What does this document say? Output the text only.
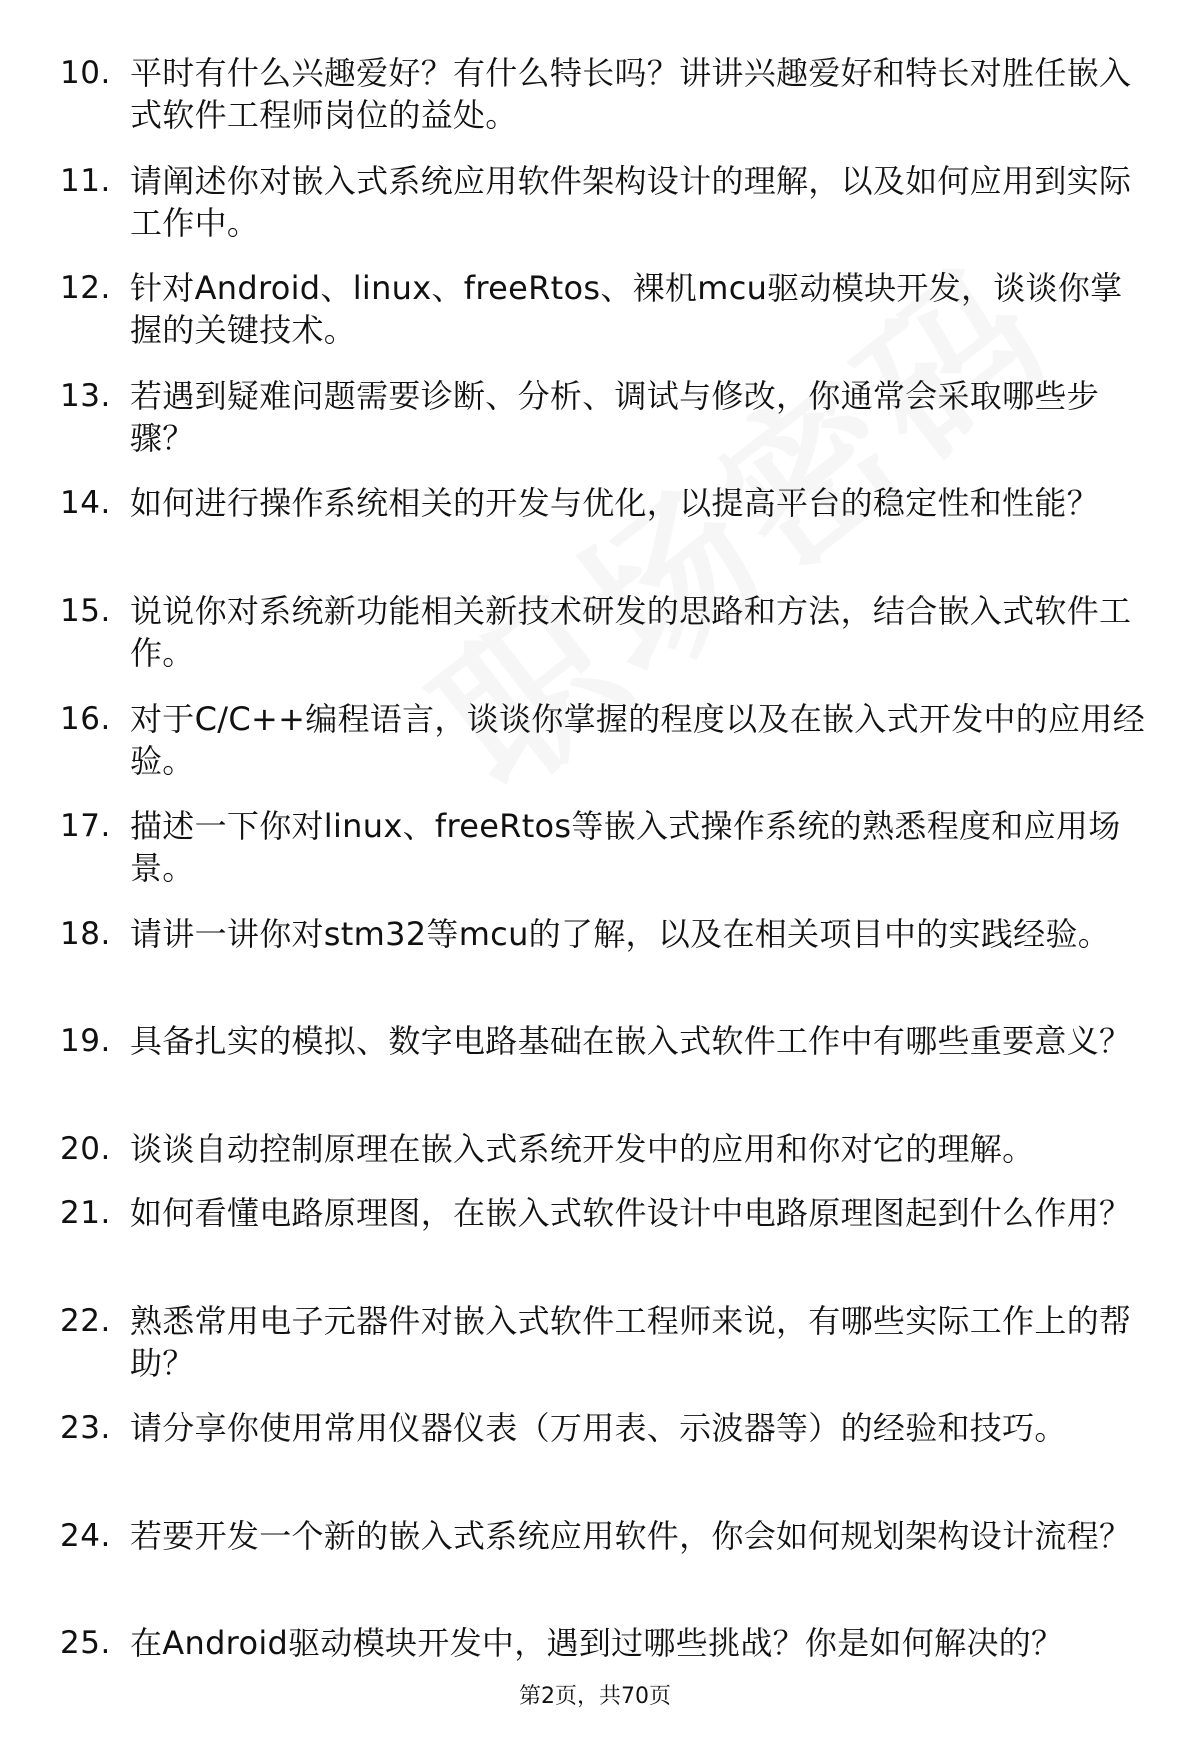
10. 平时有什么兴趣爱好？有什么特长吗？讲讲兴趣爱好和特长对胜任嵌入式软件工程师岗位的益处。
11. 请阐述你对嵌入式系统应用软件架构设计的理解，以及如何应用到实际工作中。
12. 针对Android、linux、freeRtos、裸机mcu驱动模块开发，谈谈你掌握的关键技术。
13. 若遇到疑难问题需要诊断、分析、调试与修改，你通常会采取哪些步骤？
14. 如何进行操作系统相关的开发与优化，以提高平台的稳定性和性能？
15. 说说你对系统新功能相关新技术研发的思路和方法，结合嵌入式软件工作。
16. 对于C/C++编程语言，谈谈你掌握的程度以及在嵌入式开发中的应用经验。
17. 描述一下你对linux、freeRtos等嵌入式操作系统的熟悉程度和应用场景。
18. 请讲一讲你对stm32等mcu的了解，以及在相关项目中的实践经验。
19. 具备扎实的模拟、数字电路基础在嵌入式软件工作中有哪些重要意义？
20. 谈谈自动控制原理在嵌入式系统开发中的应用和你对它的理解。
21. 如何看懂电路原理图，在嵌入式软件设计中电路原理图起到什么作用？
22. 熟悉常用电子元器件对嵌入式软件工程师来说，有哪些实际工作上的帮助？
23. 请分享你使用常用仪器仪表（万用表、示波器等）的经验和技巧。
24. 若要开发一个新的嵌入式系统应用软件，你会如何规划架构设计流程？
25. 在Android驱动模块开发中，遇到过哪些挑战？你是如何解决的？
第2页，共70页
